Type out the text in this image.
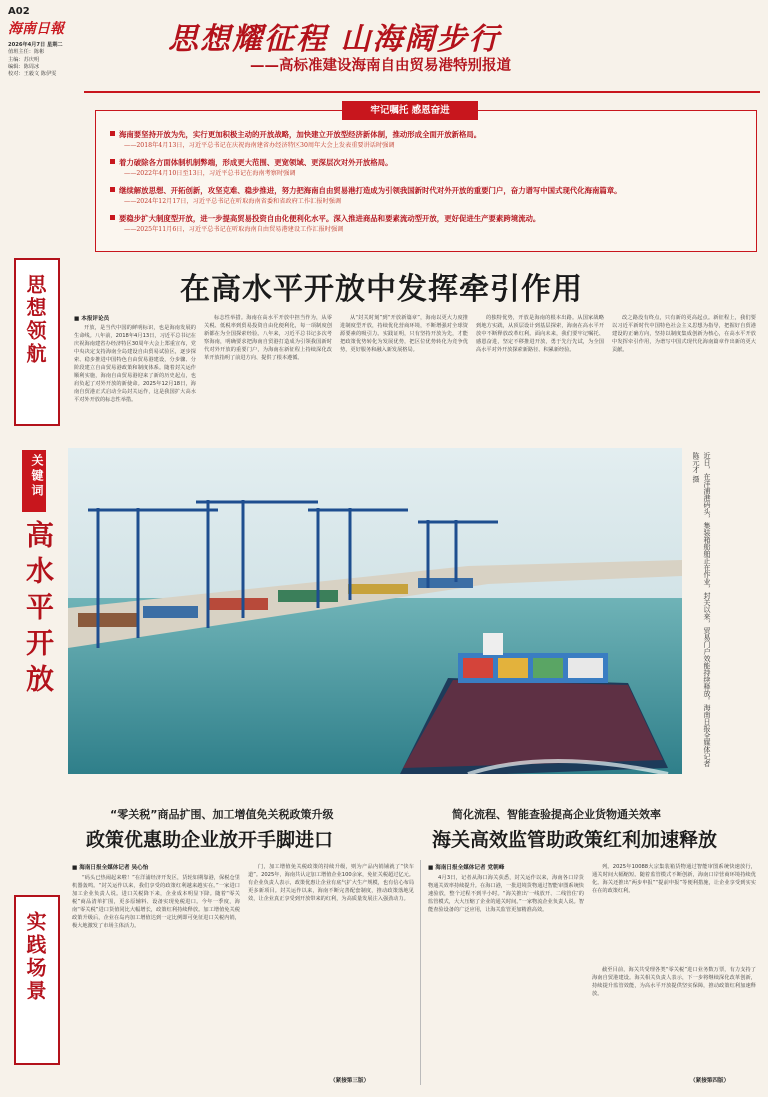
A02
海南日報
2026年4月7日 星期二
值班主任：陈彬
主编：苏庆明
编辑：陈周冰
校对：王毅文 陈伊雯
思想耀征程 山海阔步行
——高标准建设海南自由贸易港特别报道
牢记嘱托 感恩奋进
海南要坚持开放为先，实行更加积极主动的开放战略，加快建立开放型经济新体制，推动形成全面开放新格局。
——2018年4月13日，习近平总书记在庆祝海南建省办经济特区30周年大会上发表重要讲话时强调
着力破除各方面体制机制弊端，形成更大范围、更宽领域、更深层次对外开放格局。
——2022年4月10日至13日，习近平总书记在海南考察时强调
继续解放思想、开拓创新，攻坚克难、稳步推进，努力把海南自由贸易港打造成为引领我国新时代对外开放的重要门户，奋力谱写中国式现代化海南篇章。
——2024年12月17日，习近平总书记在听取海南省委和省政府工作汇报时强调
要稳步扩大制度型开放，进一步提高贸易投资自由化便利化水平。深入推进商品和要素流动型开放，更好促进生产要素跨境流动。
——2025年11月6日，习近平总书记在听取海南自由贸易港建设工作汇报时强调
思想领航
关键词
高水平开放
实践场景
在高水平开放中发挥牵引作用
■ 本报评论员

开放，是当代中国的鲜明标识，也是海南发展的生命线。八年前，2018年4月13日，习近平总书记在庆祝海南建省办经济特区30周年大会上郑重宣布，党中央决定支持海南全岛建设自由贸易试验区，逐步探索、稳步推进中国特色自由贸易港建设，分步骤、分阶段建立自由贸易港政策和制度体系。随着封关运作顺利实施，海南自由贸易港迎来了新的历史起点，也肩负起了对外开放的新使命。2025年12月18日，海南自贸港正式启动全岛封关运作，这是我国扩大高水平对外开放的标志性举措。

标志性举措。海南在高水平开放中担当作为，从零关税、低税率到贸易投资自由化便利化，每一项制度创新都在为全国探索经验。八年来，习近平总书记多次考察海南，明确要求把海南自贸港打造成为引领我国新时代对外开放的重要门户，为海南在新征程上持续深化改革开放指明了前进方向、提供了根本遵循。

从“封关时刻”到“开放新篇章”，海南以更大力度推进制度型开放，持续优化营商环境，不断增强对全球资源要素的吸引力。实践证明，只有坚持开放为先，才能把政策优势转化为发展优势，把区位优势转化为竞争优势，更好服务和融入新发展格局。

的独特优势，开放是海南的根本出路。从国家战略到地方实践，从顶层设计到基层探索，海南在高水平开放中不断释放改革红利。面向未来，我们要牢记嘱托、感恩奋进，坚定不移推进开放，勇于先行先试，为全国高水平对外开放探索新路径、积累新经验。

改之路没有终点，只有新的更高起点。新征程上，我们要以习近平新时代中国特色社会主义思想为指导，把握好自贸港建设的正确方向，坚持以制度集成创新为核心，在高水平开放中发挥牵引作用，为谱写中国式现代化海南篇章作出新的更大贡献。

近日，在洋浦港码头，集装箱船舶正在作业，封关以来，贸易门户效能持续释放。海南日报全媒体记者 陈元才 摄
“零关税”商品扩围、加工增值免关税政策升级
政策优惠助企业放开手脚进口
简化流程、智能查验提高企业货物通关效率
海关高效监管助政策红利加速释放
■ 海南日报全媒体记者 吴心怡

“码头已热闹起来啦！”在洋浦经济开发区，货轮如期靠港，保税仓里机器轰鸣。“封关运作以来，我们享受的政策红利越来越实在。”一家进口加工企业负责人说。进口关税降下来，企业成本明显下降。随着“零关税”商品清单扩围，更多原辅料、设备实现免税进口。今年一季度，海南“零关税”进口货值同比大幅增长，政策红利持续释放。加工增值免关税政策升级后，企业在岛内加工增值达到一定比例即可免征进口关税内销，极大地激发了市场主体活力。

门，加工增值免关税政策的持续升级，则为产品内销铺就了“快车道”。2025年，海南共认定加工增值企业100余家，免征关税超过亿元。有企业负责人表示，政策优惠让企业有底气扩大生产规模，也有信心布局更多新项目。封关运作以来，海南不断完善配套制度，推动政策落地见效，让企业真正享受到开放带来的红利，为高质量发展注入强劲动力。

（紧接第三版）
■ 海南日报全媒体记者 党朝峰

4月3日，记者从海口海关获悉，封关运作以来，海南各口岸货物通关效率持续提升。在海口港，一批进境货物通过智能审图系统快速验放，整个过程不到半小时。“海关推出‘一线放开、二线管住’的监管模式，大大压缩了企业的通关时间。”一家物流企业负责人说。智能查验设备的广泛应用，让海关监管更加精准高效。

列。2025年10088大宗集装箱货物通过智能审图系统快速放行，通关时间大幅缩短。随着监管模式不断创新，海南口岸营商环境持续优化。海关还推出“两步申报”“提前申报”等便利措施，让企业享受到实实在在的政策红利。

截至目前，海关共受理各类“零关税”进口业务数万票，有力支持了海南自贸港建设。海关相关负责人表示，下一步将继续深化改革创新，持续提升监管效能，为高水平开放提供坚实保障，推动政策红利加速释放。

（紧接第四版）
